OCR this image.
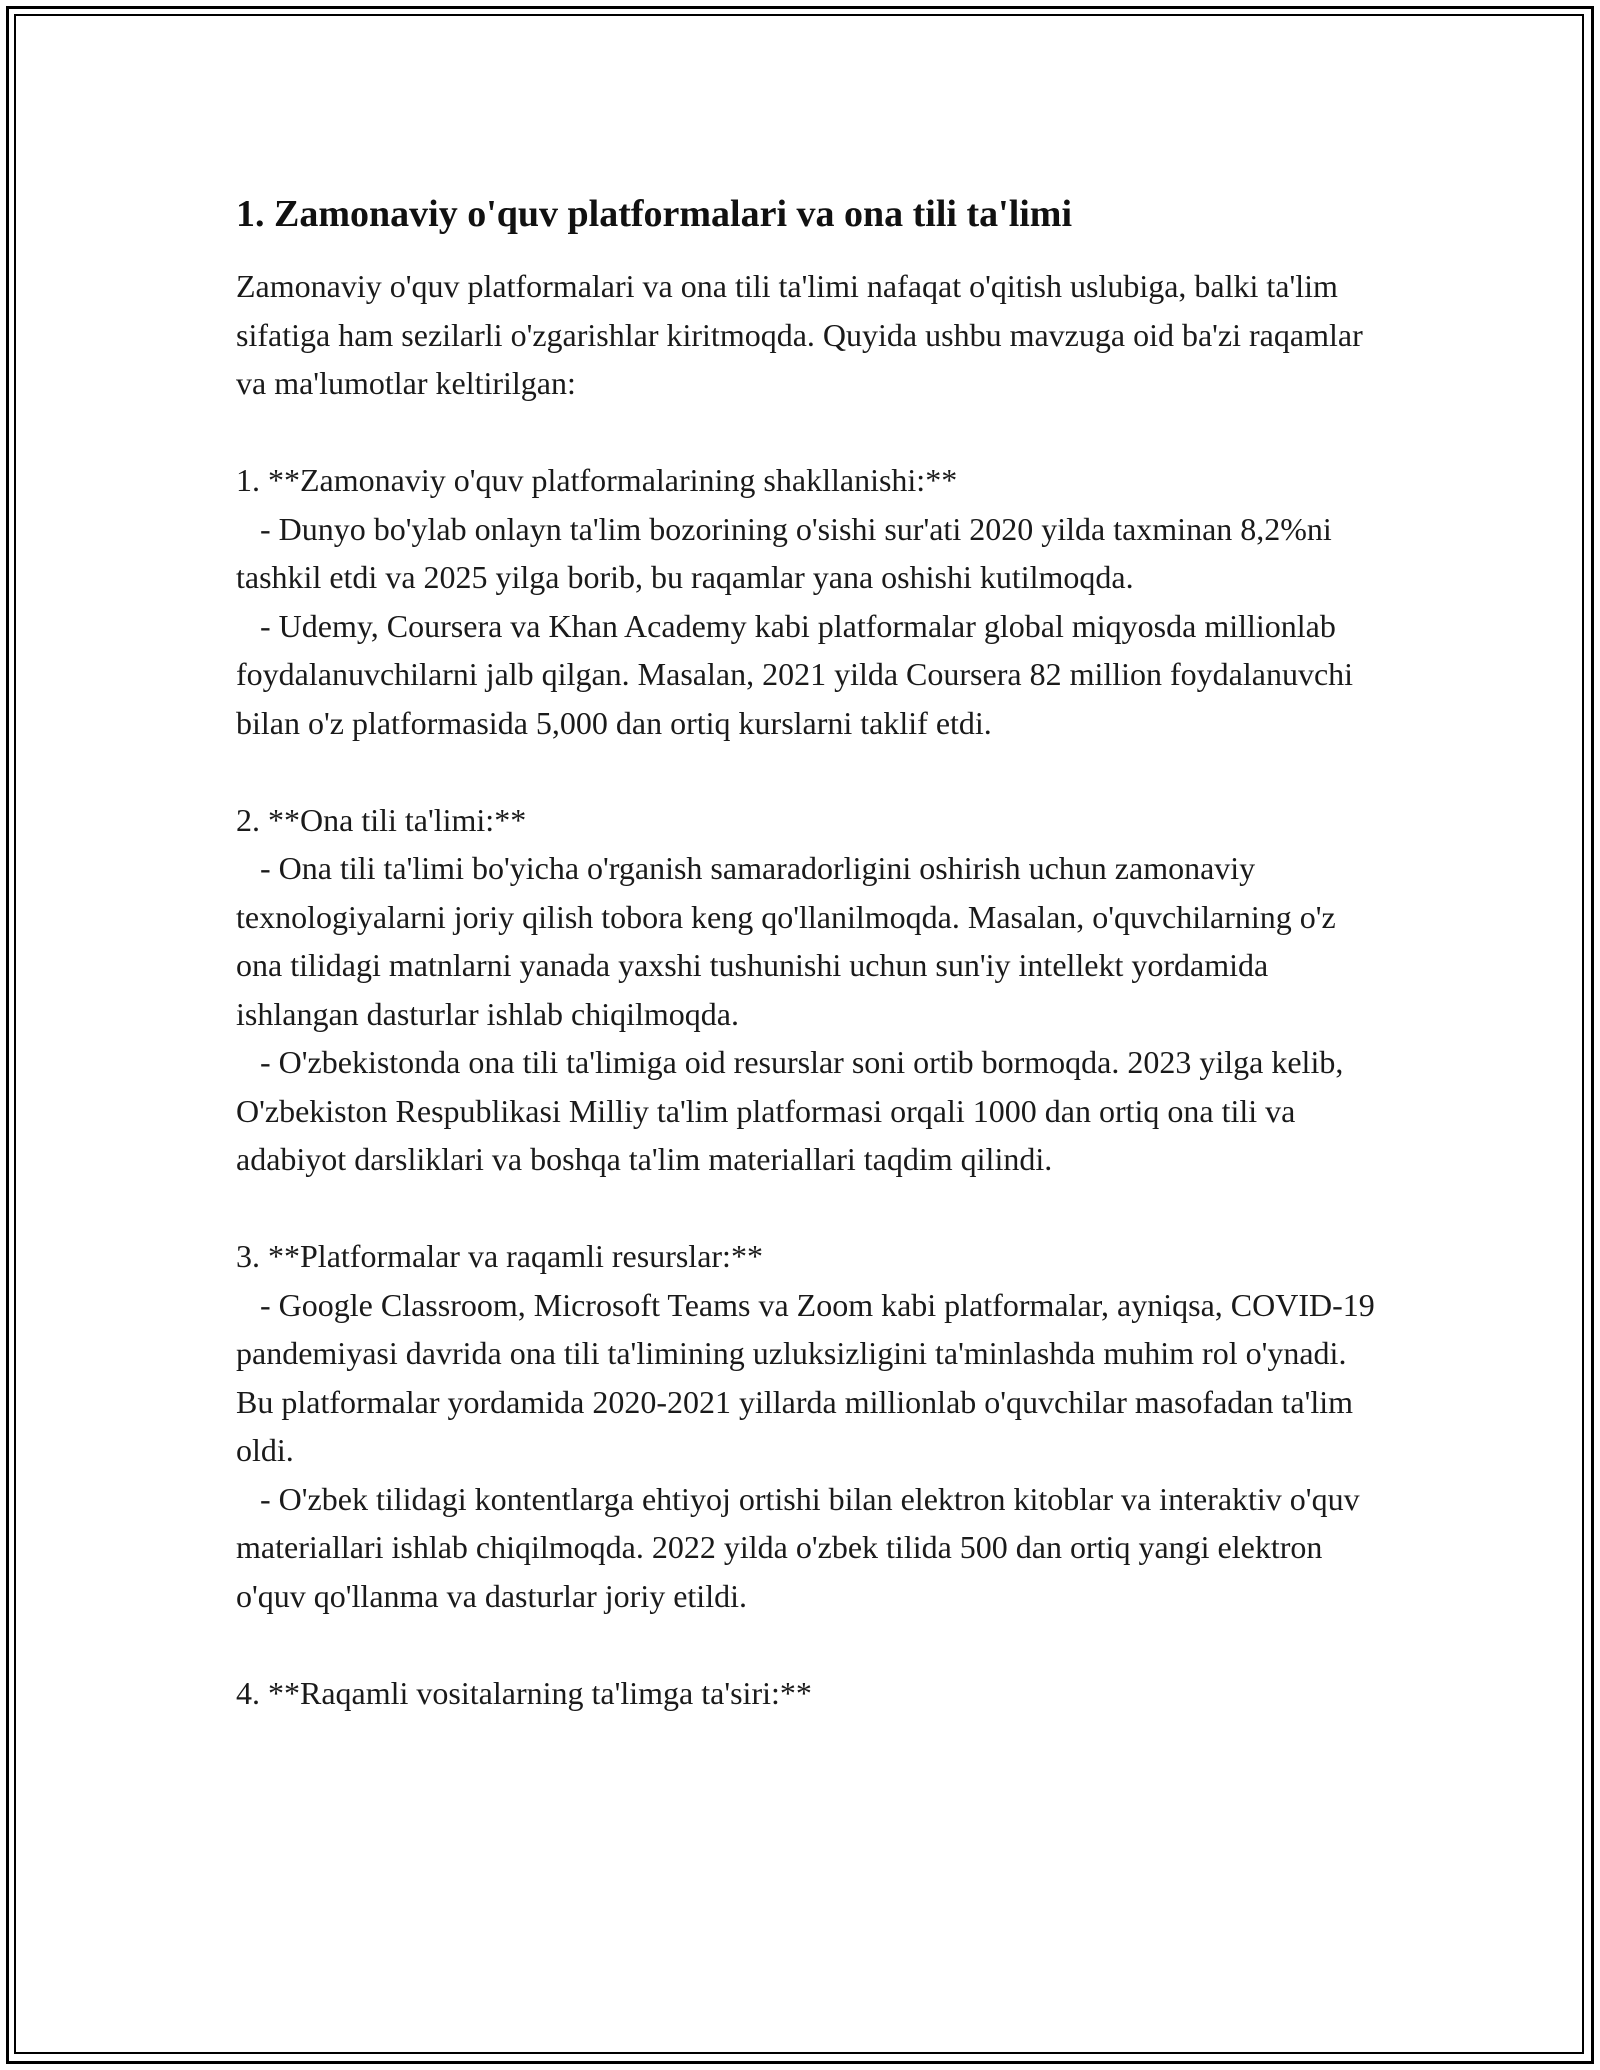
1. Zamonaviy o'quv platformalari va ona tili ta'limi

Zamonaviy o'quv platformalari va ona tili ta'limi nafaqat o'qitish uslubiga, balki ta'lim sifatiga ham sezilarli o'zgarishlar kiritmoqda. Quyida ushbu mavzuga oid ba'zi raqamlar va ma'lumotlar keltirilgan:

1. **Zamonaviy o'quv platformalarining shakllanishi:**

- Dunyo bo'ylab onlayn ta'lim bozorining o'sishi sur'ati 2020 yilda taxminan 8,2%ni tashkil etdi va 2025 yilga borib, bu raqamlar yana oshishi kutilmoqda.

- Udemy, Coursera va Khan Academy kabi platformalar global miqyosda millionlab foydalanuvchilarni jalb qilgan. Masalan, 2021 yilda Coursera 82 million foydalanuvchi bilan o'z platformasida 5,000 dan ortiq kurslarni taklif etdi.

2. **Ona tili ta'limi:**

- Ona tili ta'limi bo'yicha o'rganish samaradorligini oshirish uchun zamonaviy texnologiyalarni joriy qilish tobora keng qo'llanilmoqda. Masalan, o'quvchilarning o'z ona tilidagi matnlarni yanada yaxshi tushunishi uchun sun'iy intellekt yordamida ishlangan dasturlar ishlab chiqilmoqda.

- O'zbekistonda ona tili ta'limiga oid resurslar soni ortib bormoqda. 2023 yilga kelib, O'zbekiston Respublikasi Milliy ta'lim platformasi orqali 1000 dan ortiq ona tili va adabiyot darsliklari va boshqa ta'lim materiallari taqdim qilindi.

3. **Platformalar va raqamli resurslar:**

- Google Classroom, Microsoft Teams va Zoom kabi platformalar, ayniqsa, COVID-19 pandemiyasi davrida ona tili ta'limining uzluksizligini ta'minlashda muhim rol o'ynadi. Bu platformalar yordamida 2020-2021 yillarda millionlab o'quvchilar masofadan ta'lim oldi.

- O'zbek tilidagi kontentlarga ehtiyoj ortishi bilan elektron kitoblar va interaktiv o'quv materiallari ishlab chiqilmoqda. 2022 yilda o'zbek tilida 500 dan ortiq yangi elektron o'quv qo'llanma va dasturlar joriy etildi.

4. **Raqamli vositalarning ta'limga ta'siri:**
